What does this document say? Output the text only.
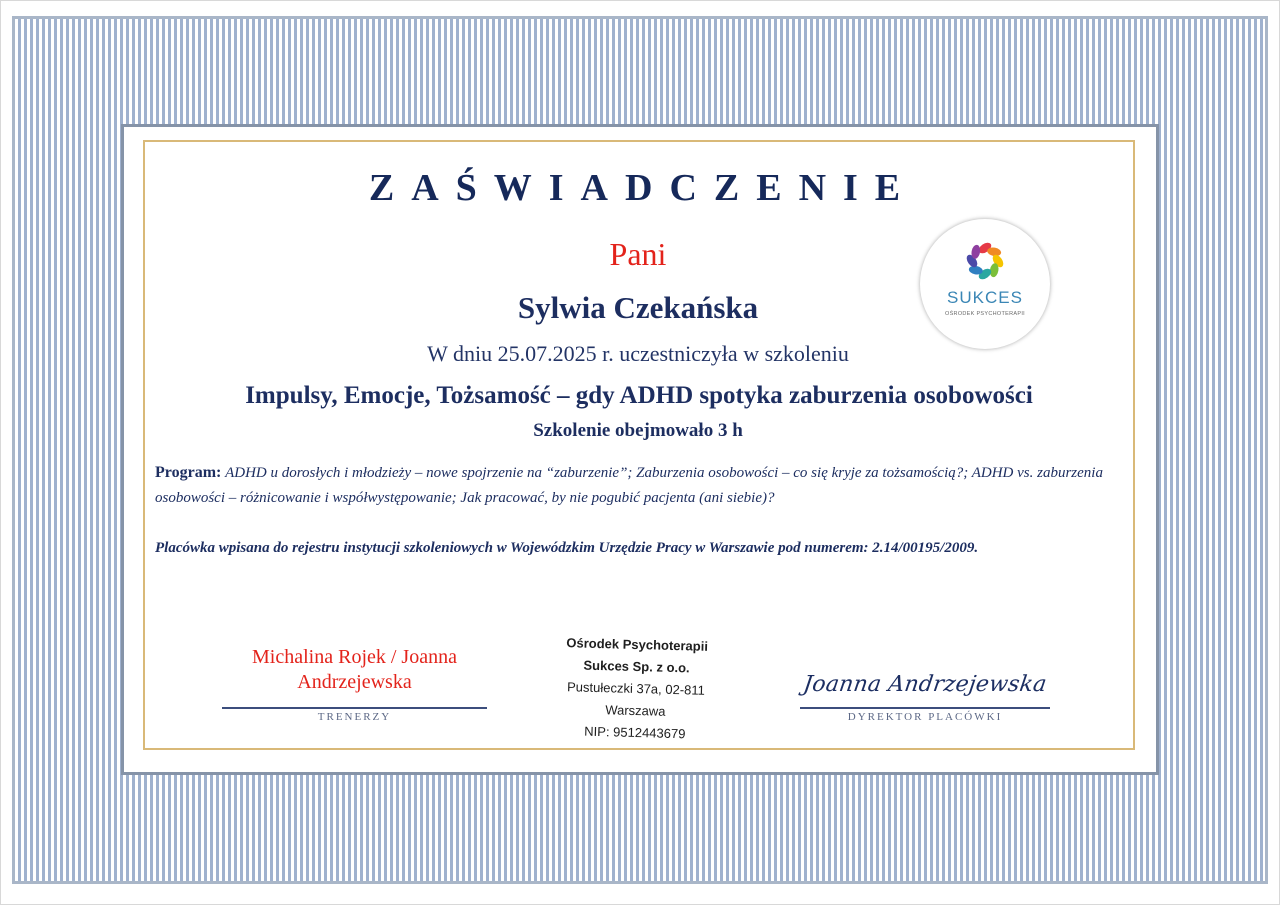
ZAŚWIADCZENIE
Pani
Sylwia Czekańska
W dniu 25.07.2025 r. uczestniczyła w szkoleniu
Impulsy, Emocje, Tożsamość – gdy ADHD spotyka zaburzenia osobowości
Szkolenie obejmowało 3 h
Program: ADHD u dorosłych i młodzieży – nowe spojrzenie na “zaburzenie”; Zaburzenia osobowości – co się kryje za tożsamością?; ADHD vs. zaburzenia osobowości – różnicowanie i współwystępowanie; Jak pracować, by nie pogubić pacjenta (ani siebie)?
Placówka wpisana do rejestru instytucji szkoleniowych w Wojewódzkim Urzędzie Pracy w Warszawie pod numerem: 2.14/00195/2009.
SUKCES
OŚRODEK PSYCHOTERAPII
Michalina Rojek / Joanna Andrzejewska
TRENERZY
Ośrodek Psychoterapii
Sukces Sp. z o.o.
Pustułeczki 37a, 02-811 Warszawa
NIP: 9512443679
Joanna Andrzejewska
DYREKTOR PLACÓWKI
